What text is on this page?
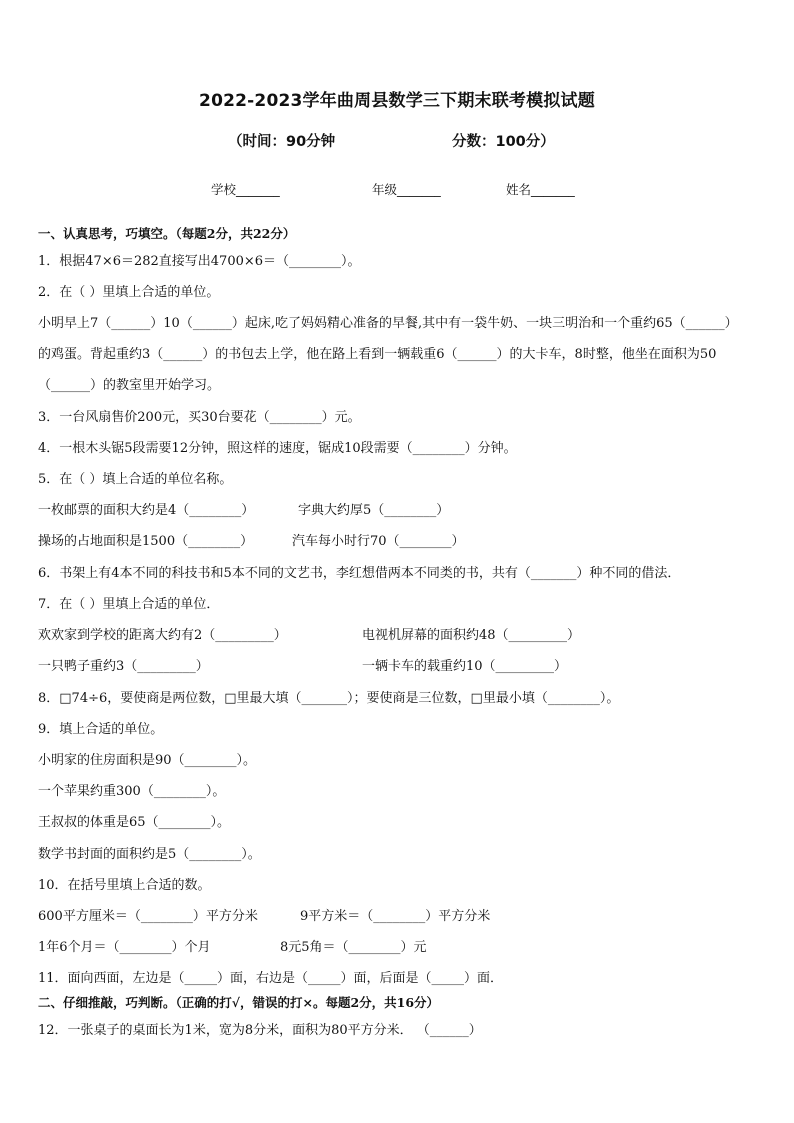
2022-2023学年曲周县数学三下期末联考模拟试题
（时间：90分钟	分数：100分）
学校_______	年级_______	姓名_______
一、认真思考，巧填空。（每题2分，共22分）
1．根据47×6＝282直接写出4700×6＝（________）。
2．在（ ）里填上合适的单位。
小明早上7（______）10（______）起床,吃了妈妈精心准备的早餐,其中有一袋牛奶、一块三明治和一个重约65（______）
的鸡蛋。背起重约3（______）的书包去上学，他在路上看到一辆载重6（______）的大卡车，8时整，他坐在面积为50
（______）的教室里开始学习。
3．一台风扇售价200元，买30台要花（________）元。
4．一根木头锯5段需要12分钟，照这样的速度，锯成10段需要（________）分钟。
5．在（ ）填上合适的单位名称。
一枚邮票的面积大约是4（________）	字典大约厚5（________）
操场的占地面积是1500（________）	汽车每小时行70（________）
6．书架上有4本不同的科技书和5本不同的文艺书，李红想借两本不同类的书，共有（_______）种不同的借法．
7．在（ ）里填上合适的单位．
欢欢家到学校的距离大约有2（_________）	电视机屏幕的面积约48（_________）
一只鸭子重约3（_________）	一辆卡车的载重约10（_________）
8．□74÷6，要使商是两位数，□里最大填（_______）；要使商是三位数，□里最小填（________）。
9．填上合适的单位。
小明家的住房面积是90（________）。
一个苹果约重300（________）。
王叔叔的体重是65（________）。
数学书封面的面积约是5（________）。
10．在括号里填上合适的数。
600平方厘米＝（________）平方分米	9平方米＝（________）平方分米
1年6个月＝（________）个月	8元5角＝（________）元
11．面向西面，左边是（_____）面，右边是（_____）面，后面是（_____）面．
二、仔细推敲，巧判断。（正确的打√，错误的打×。每题2分，共16分）
12．一张桌子的桌面长为1米，宽为8分米，面积为80平方分米． （______）
